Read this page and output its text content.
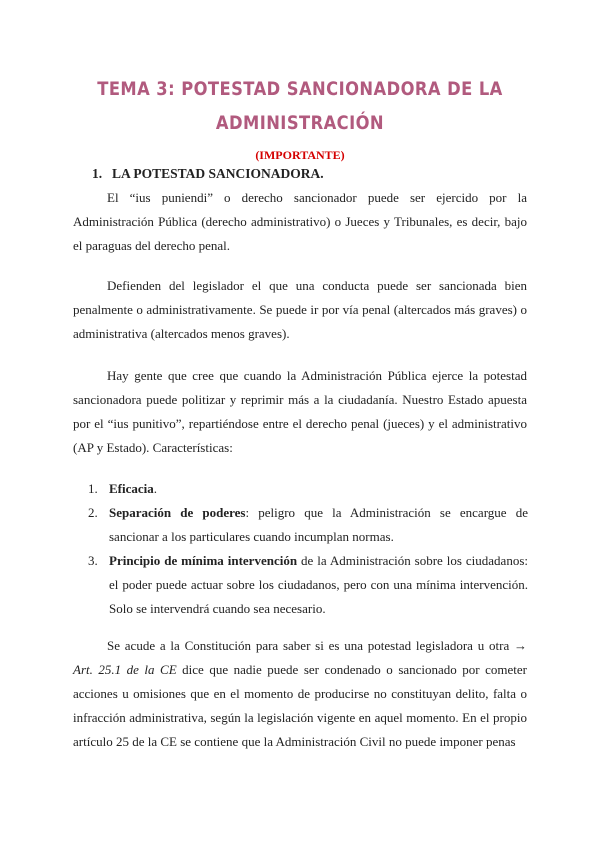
TEMA 3: POTESTAD SANCIONADORA DE LA
ADMINISTRACIÓN
(IMPORTANTE)
1. LA POTESTAD SANCIONADORA.
El “ius puniendi” o derecho sancionador puede ser ejercido por la Administración Pública (derecho administrativo) o Jueces y Tribunales, es decir, bajo el paraguas del derecho penal.
Defienden del legislador el que una conducta puede ser sancionada bien penalmente o administrativamente. Se puede ir por vía penal (altercados más graves) o administrativa (altercados menos graves).
Hay gente que cree que cuando la Administración Pública ejerce la potestad sancionadora puede politizar y reprimir más a la ciudadanía. Nuestro Estado apuesta por el “ius punitivo”, repartiéndose entre el derecho penal (jueces) y el administrativo (AP y Estado). Características:
1. Eficacia.
2. Separación de poderes: peligro que la Administración se encargue de sancionar a los particulares cuando incumplan normas.
3. Principio de mínima intervención de la Administración sobre los ciudadanos: el poder puede actuar sobre los ciudadanos, pero con una mínima intervención. Solo se intervendrá cuando sea necesario.
Se acude a la Constitución para saber si es una potestad legisladora u otra → Art. 25.1 de la CE dice que nadie puede ser condenado o sancionado por cometer acciones u omisiones que en el momento de producirse no constituyan delito, falta o infracción administrativa, según la legislación vigente en aquel momento. En el propio artículo 25 de la CE se contiene que la Administración Civil no puede imponer penas
